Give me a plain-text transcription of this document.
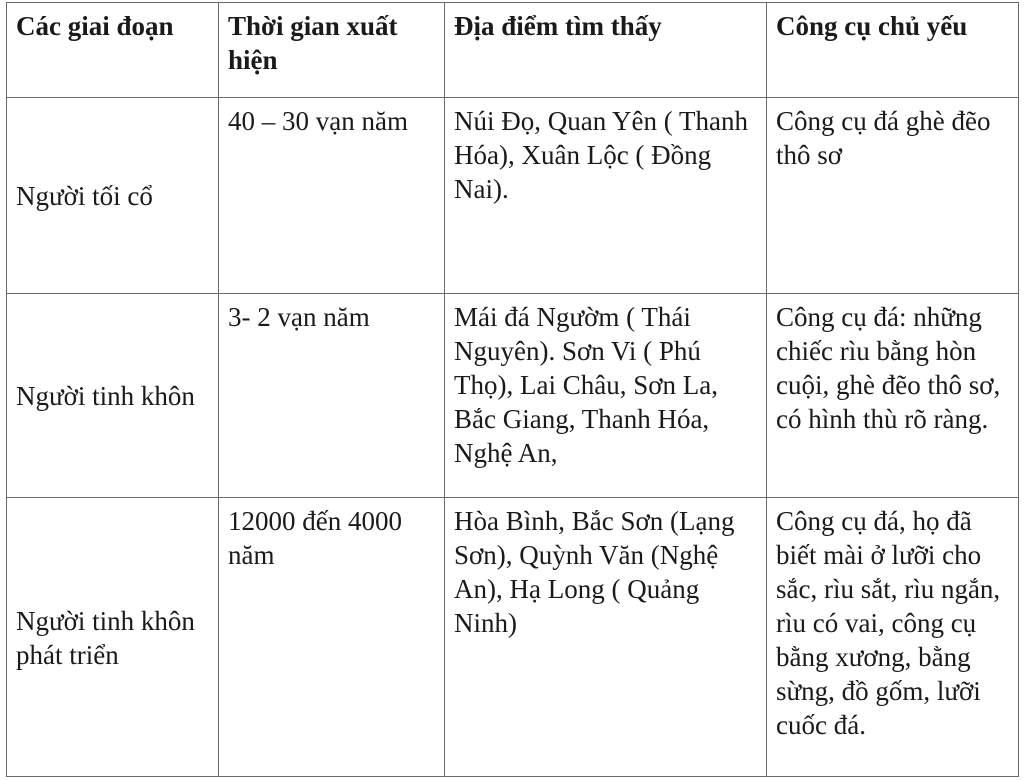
Các giai đoạn	Thời gian xuất hiện	Địa điểm tìm thấy	Công cụ chủ yếu
Người tối cổ	40 – 30 vạn năm	Núi Đọ, Quan Yên ( Thanh Hóa), Xuân Lộc ( Đồng Nai).	Công cụ đá ghè đẽo thô sơ
Người tinh khôn	3- 2 vạn năm	Mái đá Ngườm ( Thái Nguyên). Sơn Vi ( Phú Thọ), Lai Châu, Sơn La, Bắc Giang, Thanh Hóa, Nghệ An,	Công cụ đá: những chiếc rìu bằng hòn cuội, ghè đẽo thô sơ, có hình thù rõ ràng.
Người tinh khôn phát triển	12000 đến 4000 năm	Hòa Bình, Bắc Sơn (Lạng Sơn), Quỳnh Văn (Nghệ An), Hạ Long ( Quảng Ninh)	Công cụ đá, họ đã biết mài ở lưỡi cho sắc, rìu sắt, rìu ngắn, rìu có vai, công cụ bằng xương, bằng sừng, đồ gốm, lưỡi cuốc đá.
